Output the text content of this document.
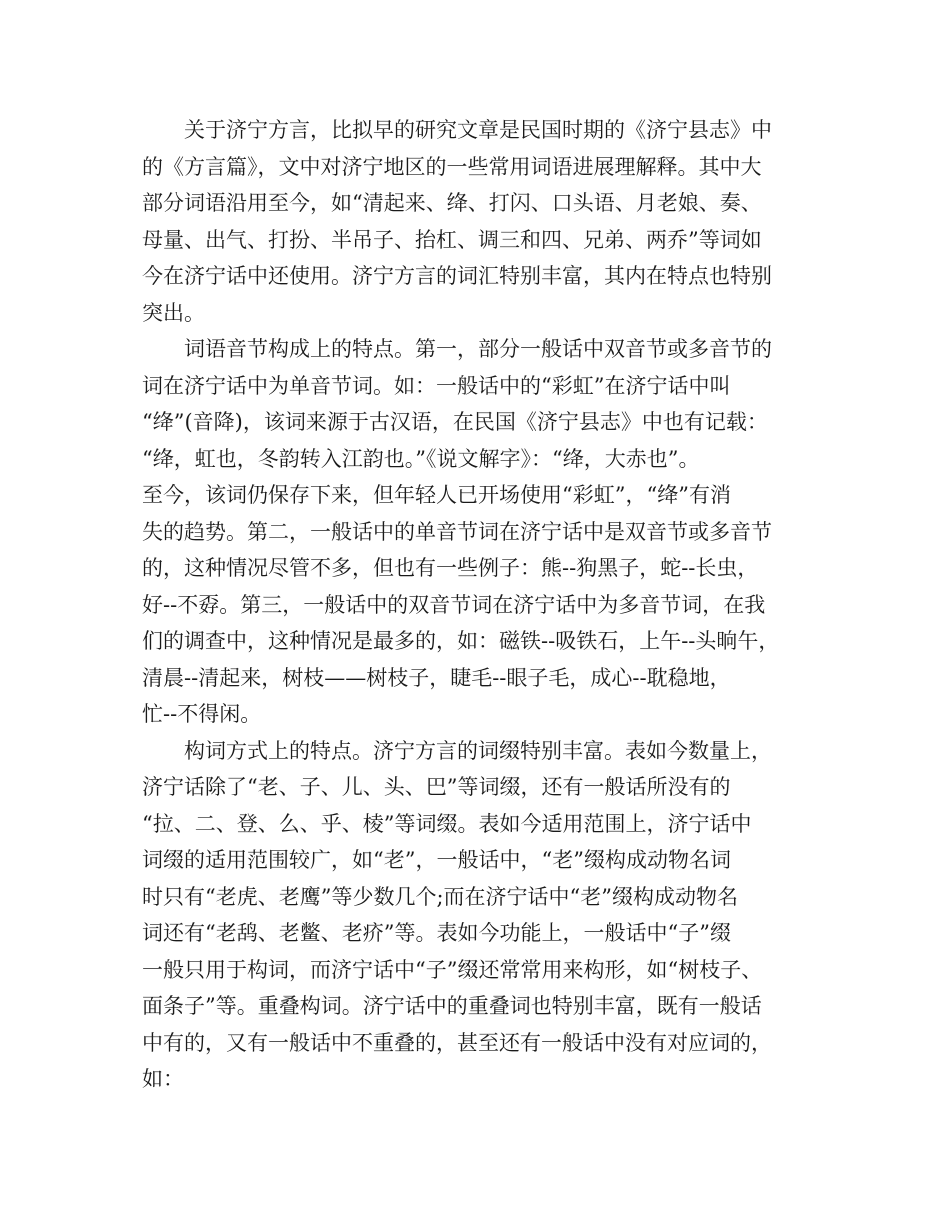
关于济宁方言，比拟早的研究文章是民国时期的《济宁县志》中
的《方言篇》，文中对济宁地区的一些常用词语进展理解释。其中大
部分词语沿用至今，如“清起来、绛、打闪、口头语、月老娘、奏、
母量、出气、打扮、半吊子、抬杠、调三和四、兄弟、两乔”等词如
今在济宁话中还使用。济宁方言的词汇特别丰富，其内在特点也特别
突出。

词语音节构成上的特点。第一，部分一般话中双音节或多音节的
词在济宁话中为单音节词。如：一般话中的“彩虹”在济宁话中叫
“绛”(音降)，该词来源于古汉语，在民国《济宁县志》中也有记载：
“绛，虹也，冬韵转入江韵也。”《说文解字》：“绛，大赤也”。
至今，该词仍保存下来，但年轻人已开场使用“彩虹”，“绛”有消
失的趋势。第二，一般话中的单音节词在济宁话中是双音节或多音节
的，这种情况尽管不多，但也有一些例子：熊--狗黑子，蛇--长虫，
好--不孬。第三，一般话中的双音节词在济宁话中为多音节词，在我
们的调查中，这种情况是最多的，如：磁铁--吸铁石，上午--头晌午，
清晨--清起来，树枝——树枝子，睫毛--眼子毛，成心--耽稳地，
忙--不得闲。

构词方式上的特点。济宁方言的词缀特别丰富。表如今数量上，
济宁话除了“老、子、儿、头、巴”等词缀，还有一般话所没有的
“拉、二、登、么、乎、棱”等词缀。表如今适用范围上，济宁话中
词缀的适用范围较广，如“老”，一般话中，“老”缀构成动物名词
时只有“老虎、老鹰”等少数几个;而在济宁话中“老”缀构成动物名
词还有“老鸹、老鳖、老疥”等。表如今功能上，一般话中“子”缀
一般只用于构词，而济宁话中“子”缀还常常用来构形，如“树枝子、
面条子”等。重叠构词。济宁话中的重叠词也特别丰富，既有一般话
中有的，又有一般话中不重叠的，甚至还有一般话中没有对应词的，
如：
